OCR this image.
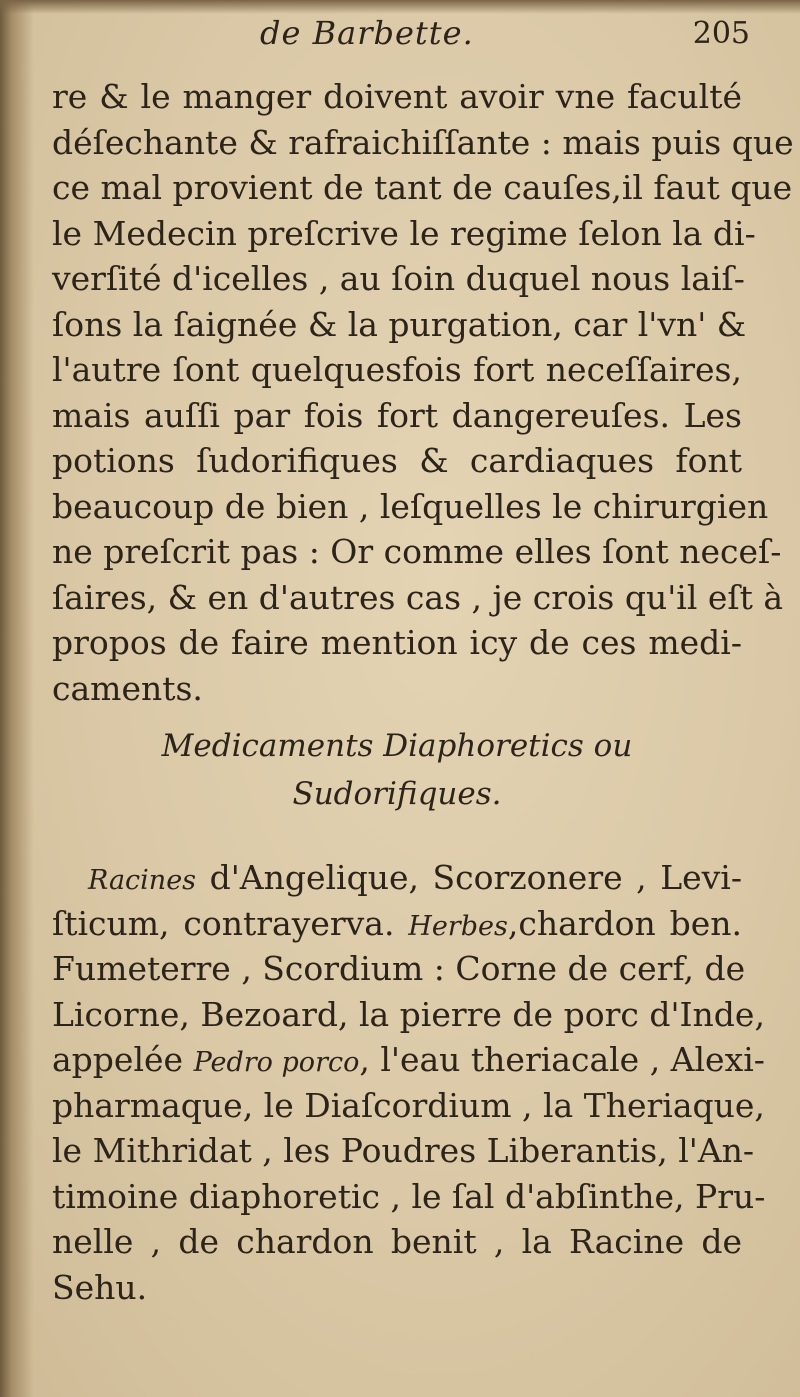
de Barbette.	205
re & le manger doivent avoir vne faculté
déſechante & rafraichiſſante : mais puis que
ce mal provient de tant de cauſes,il faut que
le Medecin preſcrive le regime ſelon la di-
verſité d'icelles , au ſoin duquel nous laiſ-
ſons la ſaignée & la purgation, car l'vn' &
l'autre ſont quelquesfois fort neceſſaires,
mais auſſi par fois fort dangereuſes. Les
potions ſudorifiques & cardiaques font
beaucoup de bien , leſquelles le chirurgien
ne preſcrit pas : Or comme elles ſont neceſ-
ſaires, & en d'autres cas , je crois qu'il eſt à
propos de faire mention icy de ces medi-
caments.
Medicaments Diaphoretics ou
Sudorifiques.
Racines d'Angelique, Scorzonere , Levi-
ſticum, contrayerva. Herbes,chardon ben.
Fumeterre , Scordium : Corne de cerf, de
Licorne, Bezoard, la pierre de porc d'Inde,
appelée Pedro porco, l'eau theriacale , Alexi-
pharmaque, le Diaſcordium , la Theriaque,
le Mithridat , les Poudres Liberantis, l'An-
timoine diaphoretic , le ſal d'abſinthe, Pru-
nelle , de chardon benit , la Racine de
Sehu.
